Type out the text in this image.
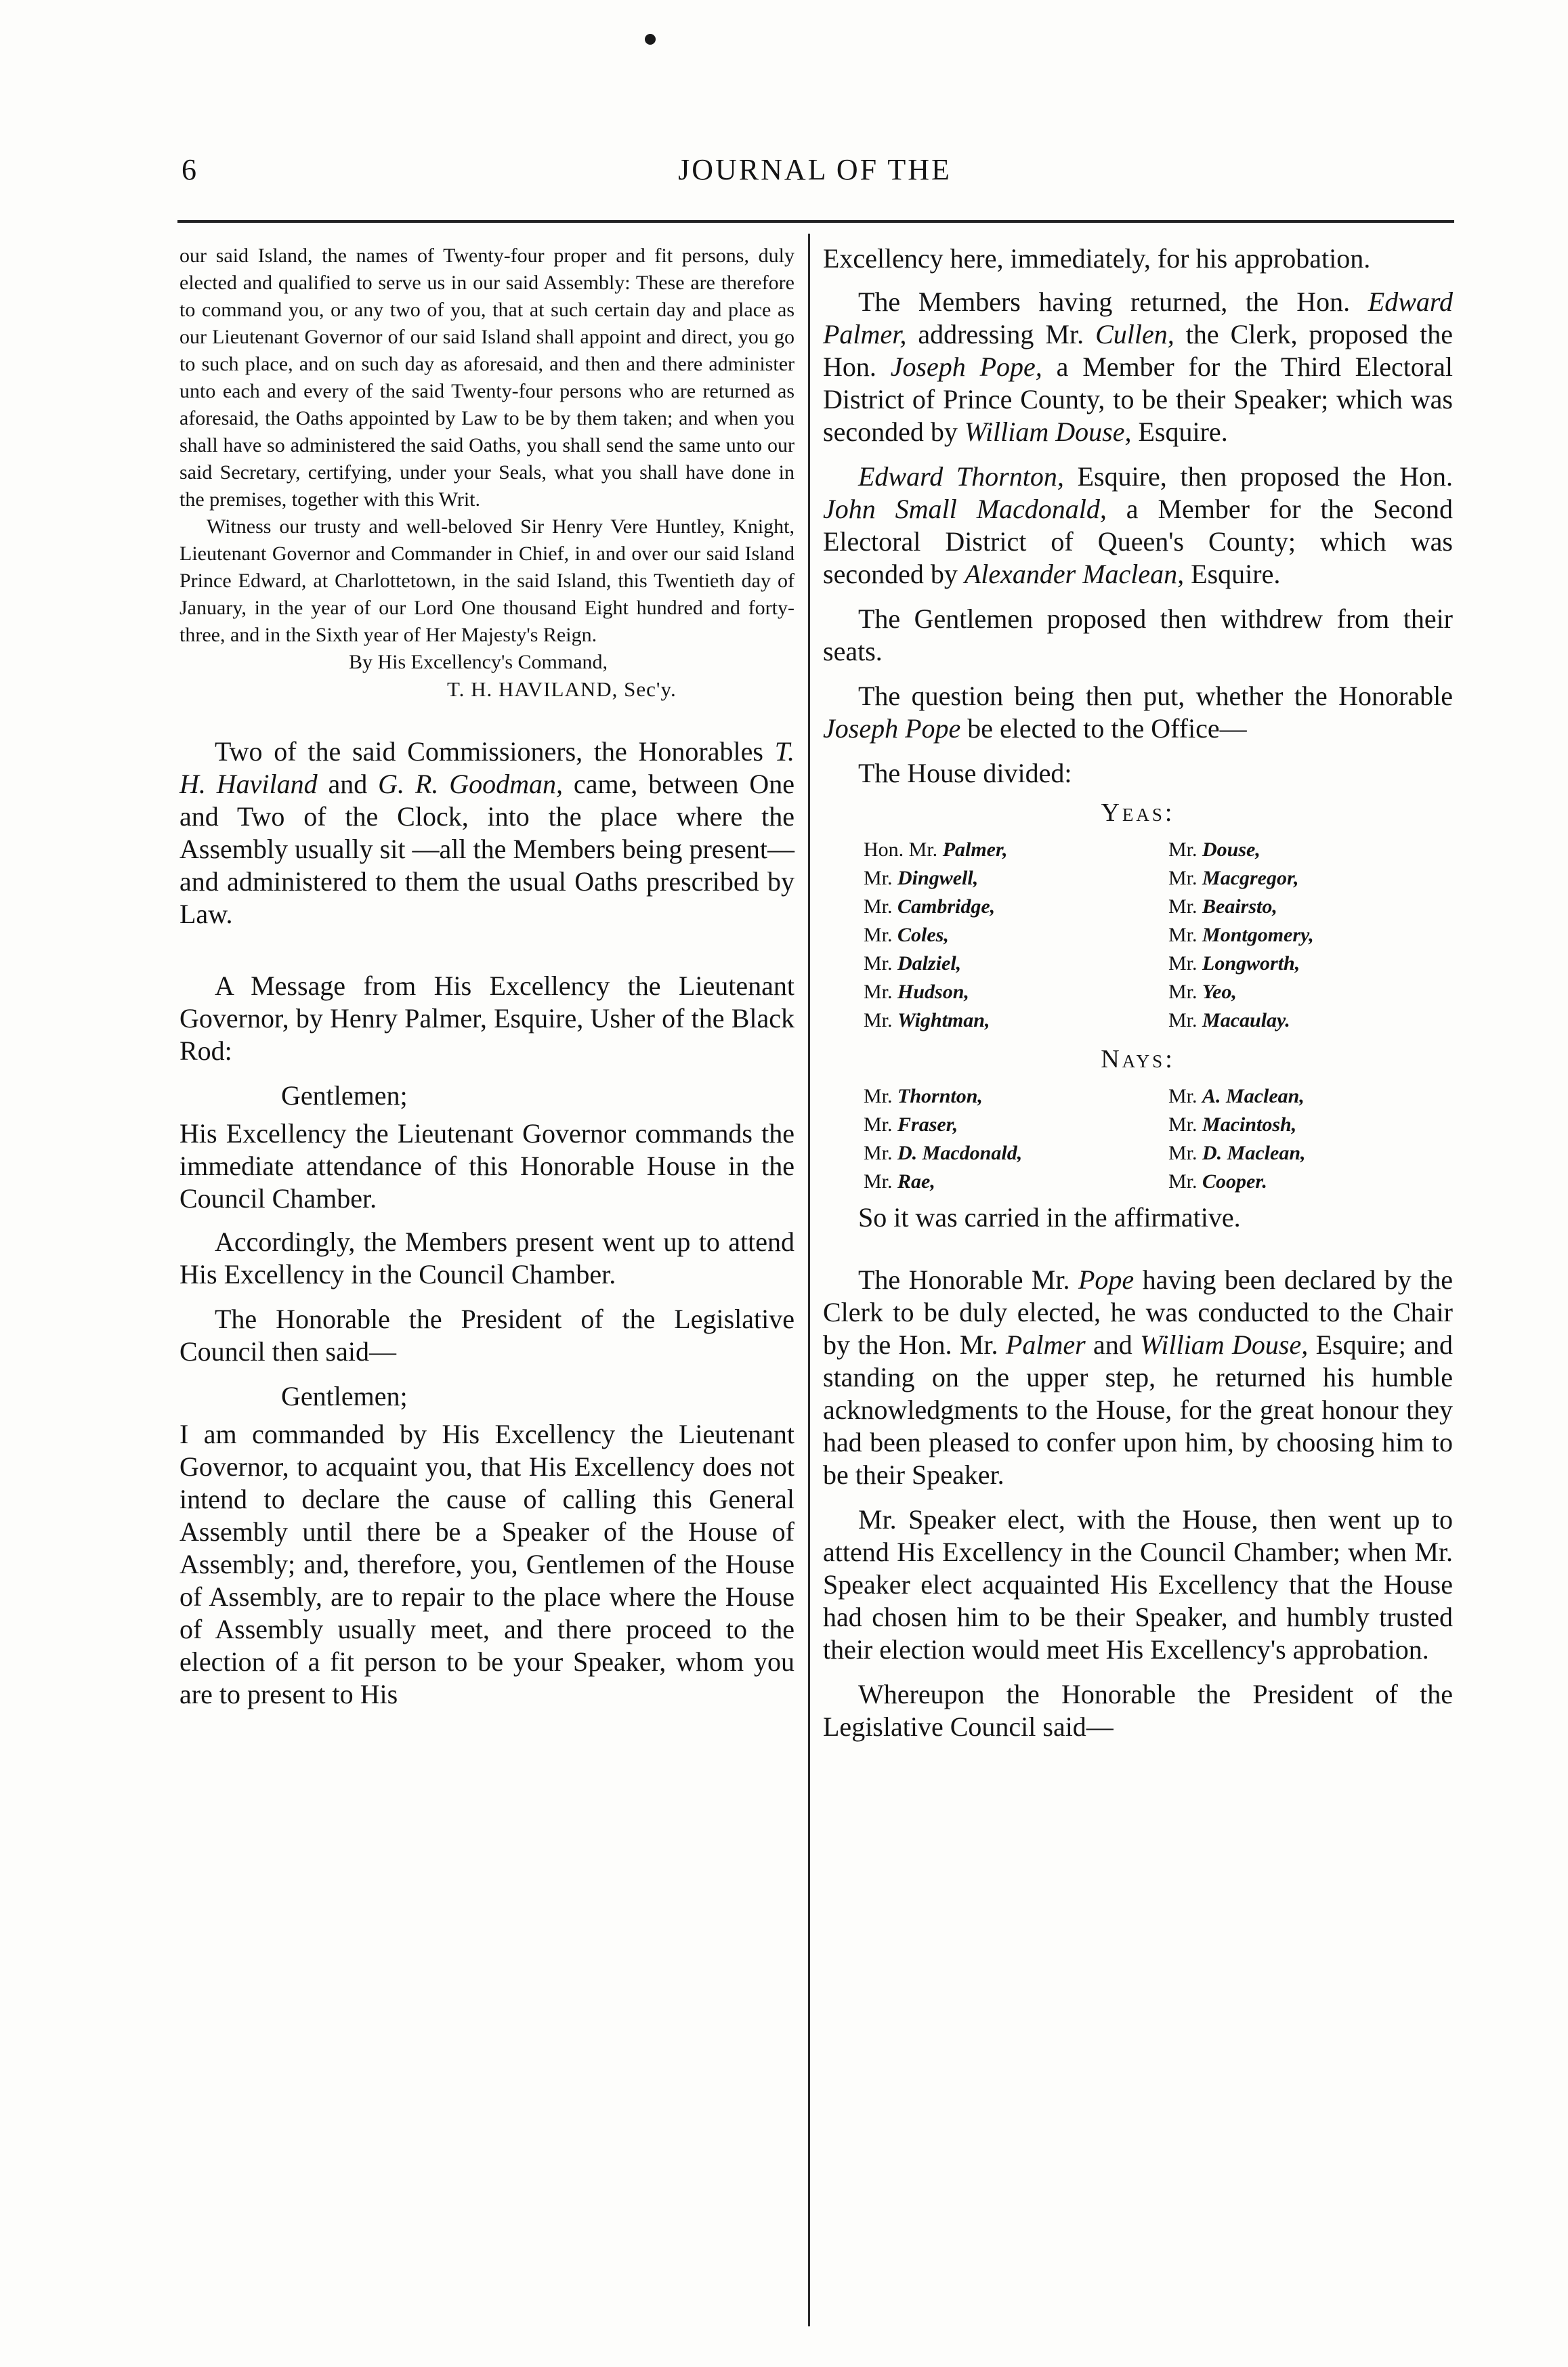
6	JOURNAL OF THE

our said Island, the names of Twenty-four proper and fit persons, duly elected and qualified to serve us in our said Assembly: These are therefore to command you, or any two of you, that at such certain day and place as our Lieutenant Governor of our said Island shall appoint and direct, you go to such place, and on such day as aforesaid, and then and there administer unto each and every of the said Twenty-four persons who are returned as aforesaid, the Oaths appointed by Law to be by them taken; and when you shall have so administered the said Oaths, you shall send the same unto our said Secretary, certifying, under your Seals, what you shall have done in the premises, together with this Writ.

Witness our trusty and well-beloved Sir Henry Vere Huntley, Knight, Lieutenant Governor and Commander in Chief, in and over our said Island Prince Edward, at Charlottetown, in the said Island, this Twentieth day of January, in the year of our Lord One thousand Eight hundred and forty-three, and in the Sixth year of Her Majesty's Reign.

By His Excellency's Command,

T. H. HAVILAND, Sec'y.

Two of the said Commissioners, the Honorables T. H. Haviland and G. R. Goodman, came, between One and Two of the Clock, into the place where the Assembly usually sit —all the Members being present—and administered to them the usual Oaths prescribed by Law.

A Message from His Excellency the Lieutenant Governor, by Henry Palmer, Esquire, Usher of the Black Rod:

Gentlemen;

His Excellency the Lieutenant Governor commands the immediate attendance of this Honorable House in the Council Chamber.

Accordingly, the Members present went up to attend His Excellency in the Council Chamber.

The Honorable the President of the Legislative Council then said—

Gentlemen;

I am commanded by His Excellency the Lieutenant Governor, to acquaint you, that His Excellency does not intend to declare the cause of calling this General Assembly until there be a Speaker of the House of Assembly; and, therefore, you, Gentlemen of the House of Assembly, are to repair to the place where the House of Assembly usually meet, and there proceed to the election of a fit person to be your Speaker, whom you are to present to His

Excellency here, immediately, for his approbation.

The Members having returned, the Hon. Edward Palmer, addressing Mr. Cullen, the Clerk, proposed the Hon. Joseph Pope, a Member for the Third Electoral District of Prince County, to be their Speaker; which was seconded by William Douse, Esquire.

Edward Thornton, Esquire, then proposed the Hon. John Small Macdonald, a Member for the Second Electoral District of Queen's County; which was seconded by Alexander Maclean, Esquire.

The Gentlemen proposed then withdrew from their seats.

The question being then put, whether the Honorable Joseph Pope be elected to the Office—

The House divided:

Yeas:
Hon. Mr. Palmer,	Mr. Douse,
Mr. Dingwell,	Mr. Macgregor,
Mr. Cambridge,	Mr. Beairsto,
Mr. Coles,	Mr. Montgomery,
Mr. Dalziel,	Mr. Longworth,
Mr. Hudson,	Mr. Yeo,
Mr. Wightman,	Mr. Macaulay.
Nays:
Mr. Thornton,	Mr. A. Maclean,
Mr. Fraser,	Mr. Macintosh,
Mr. D. Macdonald,	Mr. D. Maclean,
Mr. Rae,	Mr. Cooper.

So it was carried in the affirmative.

The Honorable Mr. Pope having been declared by the Clerk to be duly elected, he was conducted to the Chair by the Hon. Mr. Palmer and William Douse, Esquire; and standing on the upper step, he returned his humble acknowledgments to the House, for the great honour they had been pleased to confer upon him, by choosing him to be their Speaker.

Mr. Speaker elect, with the House, then went up to attend His Excellency in the Council Chamber; when Mr. Speaker elect acquainted His Excellency that the House had chosen him to be their Speaker, and humbly trusted their election would meet His Excellency's approbation.

Whereupon the Honorable the President of the Legislative Council said—
